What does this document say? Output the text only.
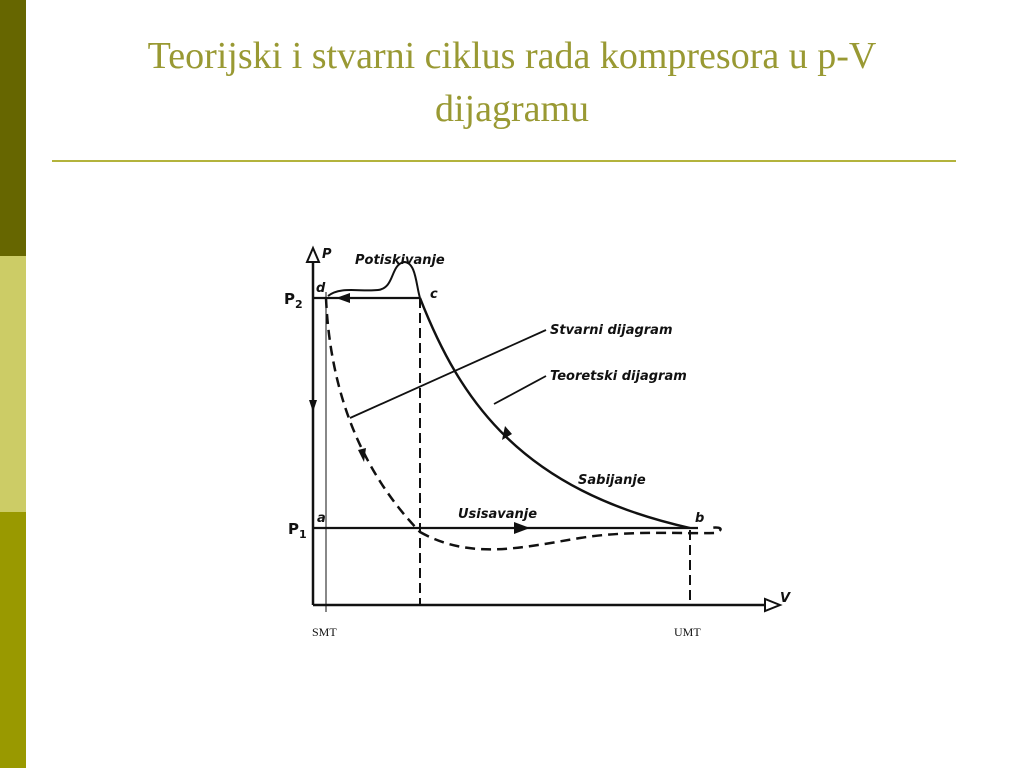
Teorijski i stvarni ciklus rada kompresora u p-V
dijagramu
P
V
$P_2$
$P_1$
d	c
a	b
Potiskivanje
Stvarni dijagram
Teoretski dijagram
Sabijanje
Usisavanje
SMT	UMT
